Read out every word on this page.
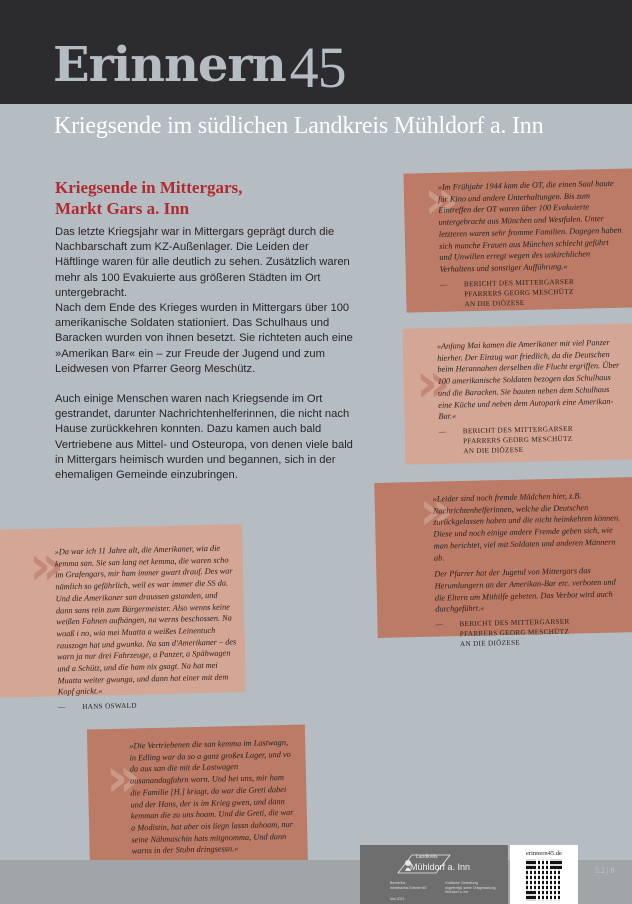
Erinnern45
Kriegsende im südlichen Landkreis Mühldorf a. Inn
Kriegsende in Mittergars,
Markt Gars a. Inn
Das letzte Kriegsjahr war in Mittergars geprägt durch die Nachbarschaft zum KZ-Außenlager. Die Leiden der Häftlinge waren für alle deutlich zu sehen. Zusätzlich waren mehr als 100 Evakuierte aus größeren Städten im Ort untergebracht.
Nach dem Ende des Krieges wurden in Mittergars über 100 amerikanische Soldaten stationiert. Das Schulhaus und Baracken wurden von ihnen besetzt. Sie richteten auch eine »Amerikan Bar« ein – zur Freude der Jugend und zum Leidwesen von Pfarrer Georg Meschütz.
Auch einige Menschen waren nach Kriegsende im Ort gestrandet, darunter Nachrichtenhelferinnen, die nicht nach Hause zurückkehren konnten. Dazu kamen auch bald Vertriebene aus Mittel- und Osteuropa, von denen viele bald in Mittergars heimisch wurden und begannen, sich in der ehemaligen Gemeinde einzubringen.
»
»Im Frühjahr 1944 kam die OT, die einen Saal baute für Kino und andere Unterhaltungen. Bis zum Eintreffen der OT waren über 100 Evakuierte untergebracht aus München und Westfalen. Unter letzteren waren sehr fromme Familien. Dagegen haben sich manche Frauen aus München schlecht geführt und Unwillen erregt wegen des unkirchlichen Verhaltens und sonstiger Aufführung.«
—	BERICHT DES MITTERGARSER
PFARRERS GEORG MESCHÜTZ
AN DIE DIÖZESE
»
»Anfang Mai kamen die Amerikaner mit viel Panzer hierher. Der Einzug war friedlich, da die Deutschen beim Herannahen derselben die Flucht ergriffen. Über 100 amerikanische Soldaten bezogen das Schulhaus und die Baracken. Sie bauten neben dem Schulhaus eine Küche und neben dem Autopark eine Amerikan-Bar.«
—	BERICHT DES MITTERGARSER
PFARRERS GEORG MESCHÜTZ
AN DIE DIÖZESE
»
»Leider sind noch fremde Mädchen hier, z.B. Nachrichtenhelferinnen, welche die Deutschen zurückgelassen haben und die nicht heimkehren können. Diese und noch einige andere Fremde geben sich, wie man berichtet, viel mit Soldaten und anderen Männern ab.
Der Pfarrer hat der Jugend von Mittergars das Herumlungern an der Amerikan-Bar etc. verboten und die Eltern um Mithilfe gebeten. Das Verbot wird auch durchgeführt.«
—	BERICHT DES MITTERGARSER
PFARRERS GEORG MESCHÜTZ
AN DIE DIÖZESE
»
»Da war ich 11 Jahre alt, die Amerikaner, wia die kemma san. Sie san lang net kemma, die waren scho im Grafengars, mir ham immer gwart drauf. Des war nämlich so gefährlich, weil es war immer die SS da. Und die Amerikaner san draussen gstanden, und dann sans rein zum Bürgermeister. Also wenns keine weißen Fahnen aufhängen, na werns beschossen. Na woaß i no, wia mei Muatta a weißes Leinentuch rauszogn hat und gwunka. Na san d'Amerikaner – des warn ja nur drei Fahrzeuge, a Panzer, a Spähwagen und a Schütz, und die ham nix gsagt. Na hat mei Muatta weiter gwunga, und dann hat einer mit dem Kopf gnickt.«
—	HANS OSWALD
»
»Die Vertriebenen die san kemma im Lastwagn, in Edling war da so a ganz großes Lager, und vo da aus san die mit de Lastwagen ausanandagfahrn worn. Und bei uns, mir ham die Familie [H.] kriagt, da war die Greti dabei und der Hans, der is im Krieg gwen, und dann kemman die zu uns hoam. Und die Greti, die war a Modistin, hat aber ois liegn lassn dahoam, nur seine Nähmaschin hats mitgnomma, Und dann warns in der Stubn dringsessn.«
Landkreis
Mühldorf a. Inn
Bezirk/Ins
Arbeitskreis Erinnern45
Grafische Gestaltung
angefertigt, siehe Ortsgestaltung
Mühldorf a. Inn
Mai 2021
erinnern45.de
5.2 | 8
